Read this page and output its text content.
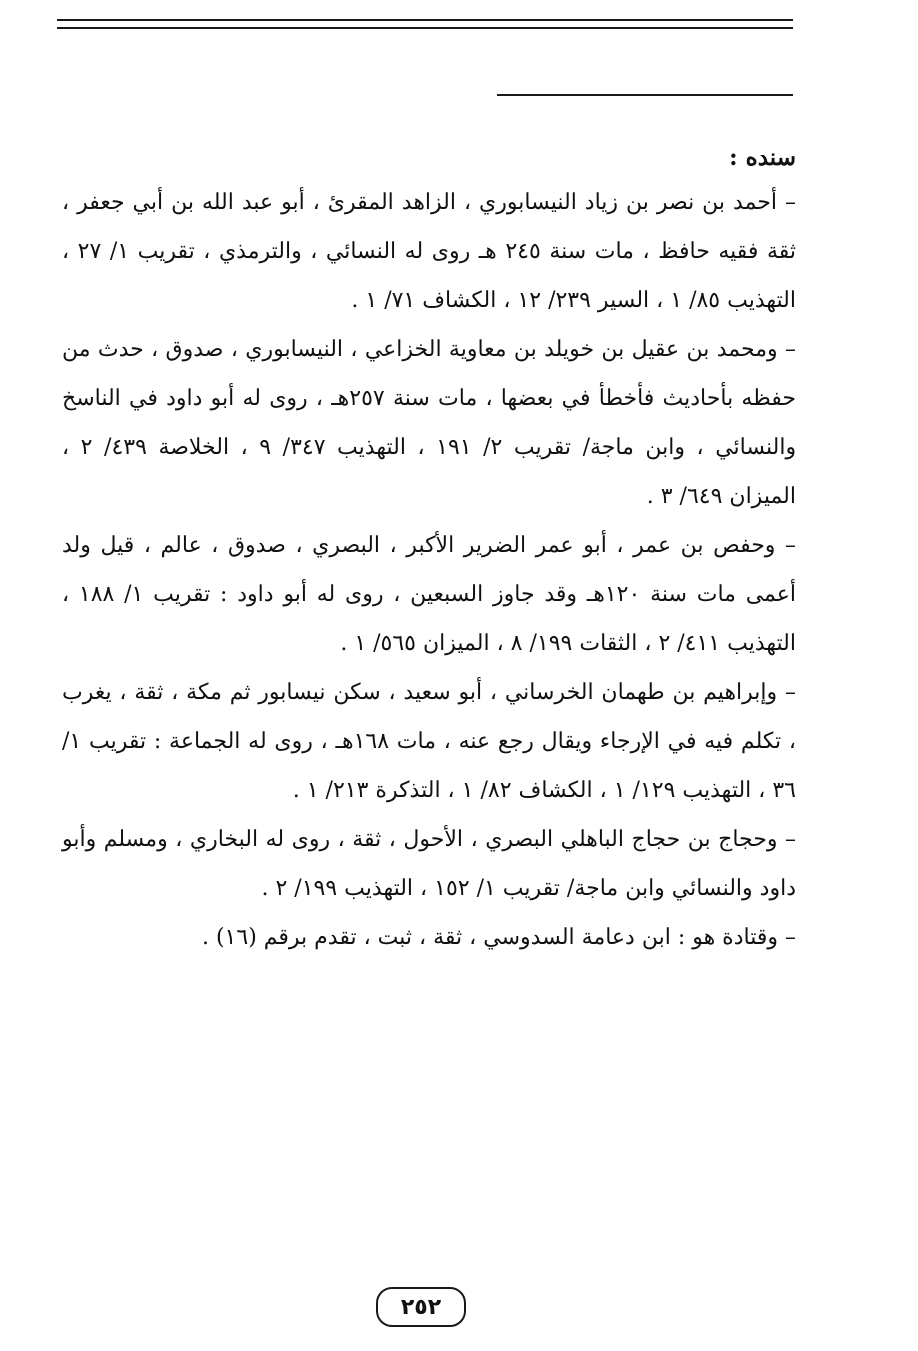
سنده :

– أحمد بن نصر بن زياد النيسابوري ، الزاهد المقرئ ، أبو عبد الله بن أبي جعفر ، ثقة فقيه حافظ ، مات سنة ٢٤٥ هـ روى له النسائي ، والترمذي ، تقريب ١/ ٢٧ ، التهذيب ٨٥/ ١ ، السير ٢٣٩/ ١٢ ، الكشاف ٧١/ ١ .

– ومحمد بن عقيل بن خويلد بن معاوية الخزاعي ، النيسابوري ، صدوق ، حدث من حفظه بأحاديث فأخطأ في بعضها ، مات سنة ٢٥٧هـ ، روى له أبو داود في الناسخ والنسائي ، وابن ماجة/ تقريب ٢/ ١٩١ ، التهذيب ٣٤٧/ ٩ ، الخلاصة ٤٣٩/ ٢ ، الميزان ٦٤٩/ ٣ .

– وحفص بن عمر ، أبو عمر الضرير الأكبر ، البصري ، صدوق ، عالم ، قيل ولد أعمى مات سنة ١٢٠هـ وقد جاوز السبعين ، روى له أبو داود : تقريب ١/ ١٨٨ ، التهذيب ٤١١/ ٢ ، الثقات ١٩٩/ ٨ ، الميزان ٥٦٥/ ١ .

– وإبراهيم بن طهمان الخرساني ، أبو سعيد ، سكن نيسابور ثم مكة ، ثقة ، يغرب ، تكلم فيه في الإرجاء ويقال رجع عنه ، مات ١٦٨هـ ، روى له الجماعة : تقريب ١/ ٣٦ ، التهذيب ١٢٩/ ١ ، الكشاف ٨٢/ ١ ، التذكرة ٢١٣/ ١ .

– وحجاج بن حجاج الباهلي البصري ، الأحول ، ثقة ، روى له البخاري ، ومسلم وأبو داود والنسائي وابن ماجة/ تقريب ١/ ١٥٢ ، التهذيب ١٩٩/ ٢ .

– وقتادة هو : ابن دعامة السدوسي ، ثقة ، ثبت ، تقدم برقم (١٦) .

٢٥٢
